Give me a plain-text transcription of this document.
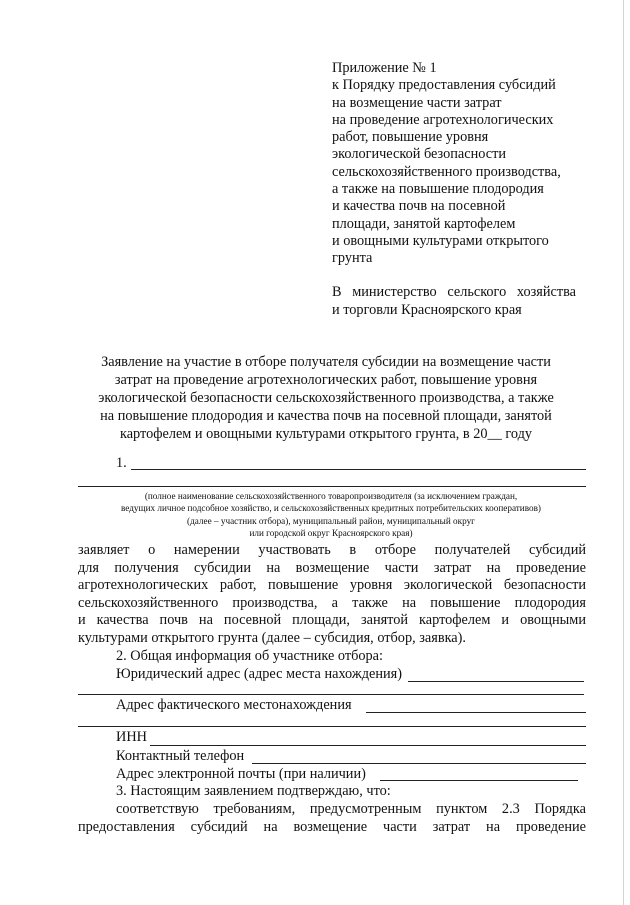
Приложение № 1
к Порядку предоставления субсидий
на возмещение части затрат
на проведение агротехнологических
работ, повышение уровня
экологической безопасности
сельскохозяйственного производства,
а также на повышение плодородия
и качества почв на посевной
площади, занятой картофелем
и овощными культурами открытого
грунта
В министерство сельского хозяйства
и торговли Красноярского края
Заявление на участие в отборе получателя субсидии на возмещение части
затрат на проведение агротехнологических работ, повышение уровня
экологической безопасности сельскохозяйственного производства, а также
на повышение плодородия и качества почв на посевной площади, занятой
картофелем и овощными культурами открытого грунта, в 20__ году
1.
(полное наименование сельскохозяйственного товаропроизводителя (за исключением граждан,
ведущих личное подсобное хозяйство, и сельскохозяйственных кредитных потребительских кооперативов)
(далее – участник отбора), муниципальный район, муниципальный округ
или городской округ Красноярского края)
заявляет о намерении участвовать в отборе получателей субсидий
для получения субсидии на возмещение части затрат на проведение
агротехнологических работ, повышение уровня экологической безопасности
сельскохозяйственного производства, а также на повышение плодородия
и качества почв на посевной площади, занятой картофелем и овощными
культурами открытого грунта (далее – субсидия, отбор, заявка).
2. Общая информация об участнике отбора:
Юридический адрес (адрес места нахождения)
Адрес фактического местонахождения
ИНН
Контактный телефон
Адрес электронной почты (при наличии)
3. Настоящим заявлением подтверждаю, что:
соответствую требованиям, предусмотренным пунктом 2.3 Порядка
предоставления субсидий на возмещение части затрат на проведение
